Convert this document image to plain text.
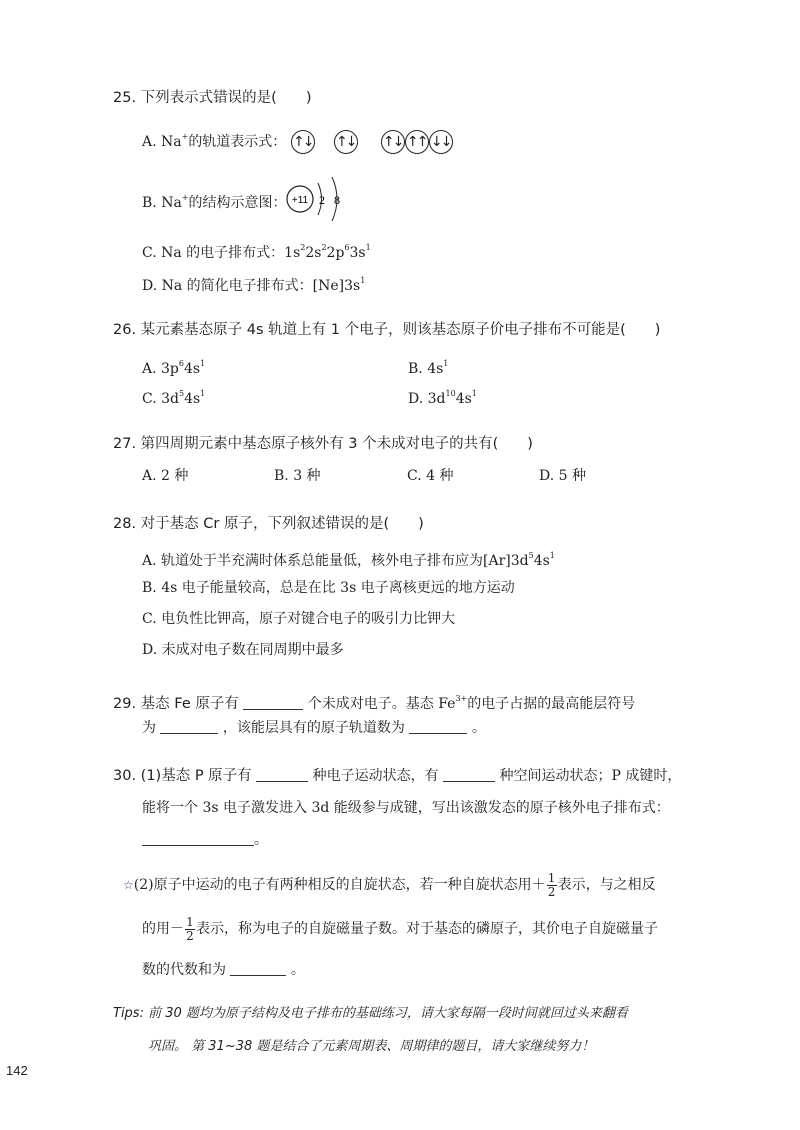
25. 下列表示式错误的是(　　)
A. Na+的轨道表示式： ↑↓ ↑↓ ↑↓ ↑↑ ↓↓
B. Na+的结构示意图： +11 2 8
C. Na 的电子排布式：$1s^22s^22p^63s^1$
D. Na 的简化电子排布式：$[Ne]3s^1$
26. 某元素基态原子 4s 轨道上有 1 个电子，则该基态原子价电子排布不可能是(　　)
A. $3p^64s^1$	B. $4s^1$
C. $3d^54s^1$	D. $3d^{10}4s^1$
27. 第四周期元素中基态原子核外有 3 个未成对电子的共有(　　)
A. 2 种	B. 3 种	C. 4 种	D. 5 种
28. 对于基态 Cr 原子，下列叙述错误的是(　　)
A. 轨道处于半充满时体系总能量低，核外电子排布应为$[Ar]3d^54s^1$
B. 4s 电子能量较高，总是在比 3s 电子离核更远的地方运动
C. 电负性比钾高，原子对键合电子的吸引力比钾大
D. 未成对电子数在同周期中最多
29. 基态 Fe 原子有	个未成对电子。基态 $Fe^{3+}$的电子占据的最高能层符号
为	，该能层具有的原子轨道数为	。
30. (1)基态 P 原子有	种电子运动状态，有	种空间运动状态；P 成键时，
能将一个 3s 电子激发进入 3d 能级参与成键，写出该激发态的原子核外电子排布式：
。
☆(2)原子中运动的电子有两种相反的自旋状态，若一种自旋状态用＋ $\frac{1}{2}$ 表示，与之相反
的用－ $\frac{1}{2}$ 表示，称为电子的自旋磁量子数。对于基态的磷原子，其价电子自旋磁量子
数的代数和为	。
Tips: 前 30 题均为原子结构及电子排布的基础练习，请大家每隔一段时间就回过头来翻看
巩固。 第 31~38 题是结合了元素周期表、周期律的题目，请大家继续努力！
142
